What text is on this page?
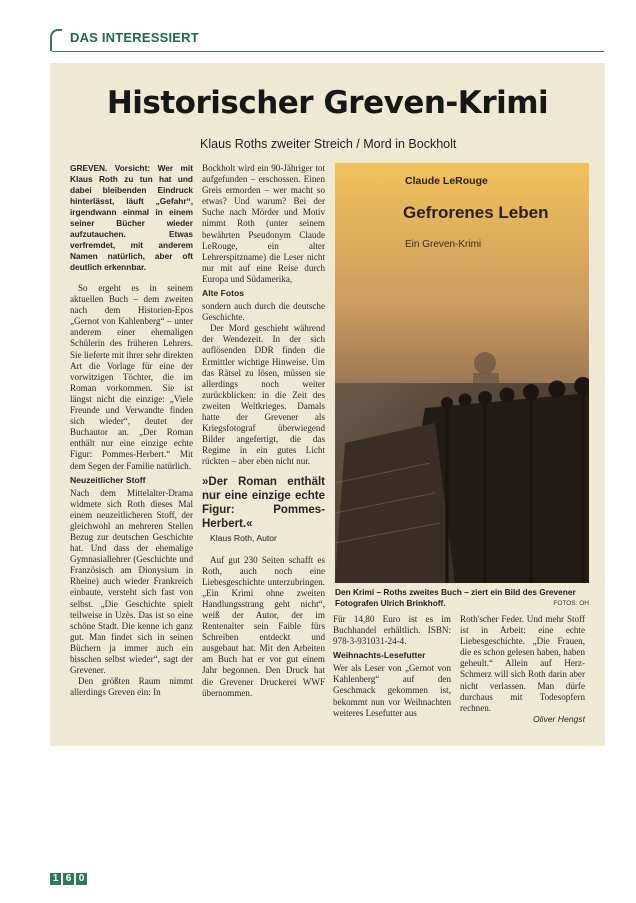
DAS INTERESSIERT
Historischer Greven-Krimi
Klaus Roths zweiter Streich / Mord in Bockholt

GREVEN. Vorsicht: Wer mit Klaus Roth zu tun hat und dabei bleibenden Eindruck hinterlässt, läuft „Gefahr“, irgendwann einmal in einem seiner Bücher wieder aufzutauchen. Etwas verfremdet, mit anderem Namen natürlich, aber oft deutlich erkennbar.

So ergeht es in seinem aktuellen Buch – dem zweiten nach dem Historien-Epos „Gernot von Kahlenberg“ – unter anderem einer ehemaligen Schülerin des früheren Lehrers. Sie lieferte mit ihrer sehr direkten Art die Vorlage für eine der vorwitzigen Töchter, die im Roman vorkommen. Sie ist längst nicht die einzige: „Viele Freunde und Verwandte finden sich wieder“, deutet der Buchautor an. „Der Roman enthält nur eine einzige echte Figur: Pommes-Herbert.“ Mit dem Segen der Familie natürlich.

Neuzeitlicher Stoff

Nach dem Mittelalter-Drama widmete sich Roth dieses Mal einem neuzeitlicheren Stoff, der gleichwohl an mehreren Stellen Bezug zur deutschen Geschichte hat. Und dass der ehemalige Gymnasiallehrer (Geschichte und Französisch am Dionysium in Rheine) auch wieder Frankreich einbaute, versteht sich fast von selbst. „Die Geschichte spielt teilweise in Uzès. Das ist so eine schöne Stadt. Die kenne ich ganz gut. Man findet sich in seinen Büchern ja immer auch ein bisschen selbst wieder“, sagt der Grevener.

Den größten Raum nimmt allerdings Greven ein: In

Bockholt wird ein 90-Jähriger tot aufgefunden – erschossen. Einen Greis ermorden – wer macht so etwas? Und warum? Bei der Suche nach Mörder und Motiv nimmt Roth (unter seinem bewährten Pseudonym Claude LeRouge, ein alter Lehrerspitzname) die Leser nicht nur mit auf eine Reise durch Europa und Südamerika,

Alte Fotos

sondern auch durch die deutsche Geschichte.

Der Mord geschieht während der Wendezeit. In der sich auflösenden DDR finden die Ermittler wichtige Hinweise. Um das Rätsel zu lösen, müssen sie allerdings noch weiter zurückblicken: in die Zeit des zweiten Weltkrieges. Damals hatte der Grevener als Kriegsfotograf überwiegend Bilder angefertigt, die das Regime in ein gutes Licht rückten – aber eben nicht nur.

»Der Roman enthält nur eine einzige echte Figur: Pommes-Herbert.«
Klaus Roth, Autor

Auf gut 230 Seiten schafft es Roth, auch noch eine Liebesgeschichte unterzubringen. „Ein Krimi ohne zweiten Handlungsstrang geht nicht“, weiß der Autor, der im Rentenalter sein Faible fürs Schreiben entdeckt und ausgebaut hat. Mit den Arbeiten am Buch hat er vor gut einem Jahr begonnen. Den Druck hat die Grevener Druckerei WWF übernommen.

Claude LeRouge
Gefrorenes Leben
Ein Greven-Krimi
Den Krimi – Roths zweites Buch – ziert ein Bild des Grevener Fotografen Ulrich Brinkhoff.	FOTOS: OH

Für 14,80 Euro ist es im Buchhandel erhältlich. ISBN: 978-3-931031-24-4.

Weihnachts-Lesefutter

Wer als Leser von „Gernot von Kahlenberg“ auf den Geschmack gekommen ist, bekommt nun vor Weihnachten weiteres Lesefutter aus

Roth'scher Feder. Und mehr Stoff ist in Arbeit: eine echte Liebesgeschichte. „Die Frauen, die es schon gelesen haben, haben geheult.“ Allein auf Herz-Schmerz will sich Roth darin aber nicht verlassen. Man dürfe durchaus mit Todesopfern rechnen.

Oliver Hengst
1 6 0
